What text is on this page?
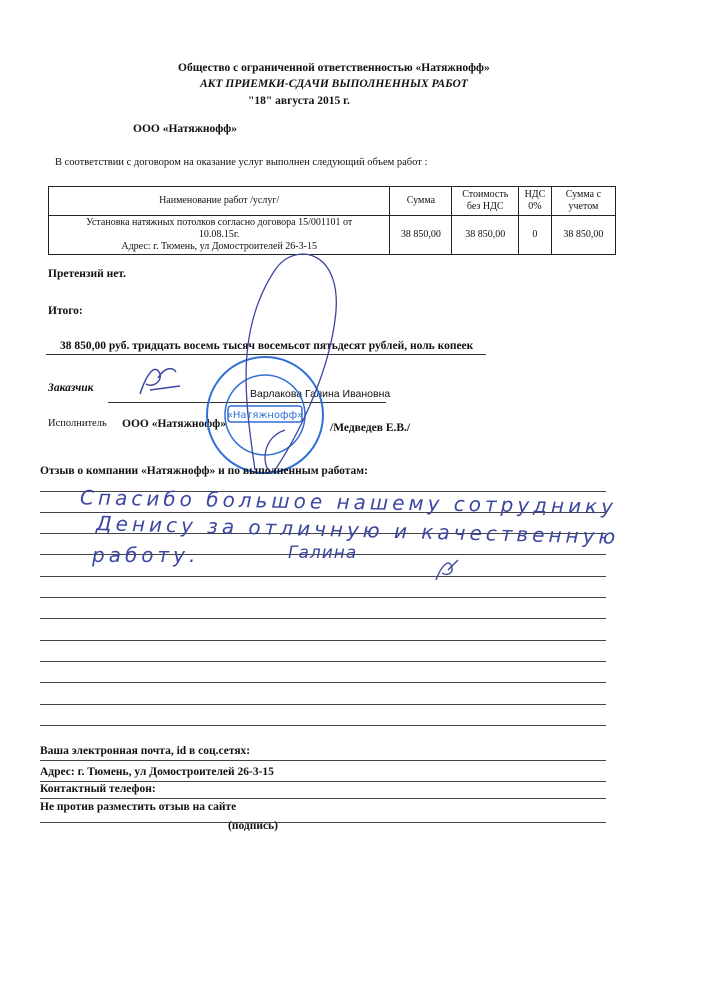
Общество с ограниченной ответственностью «Натяжнофф»
АКТ ПРИЕМКИ-СДАЧИ ВЫПОЛНЕННЫХ РАБОТ
"18" августа 2015 г.
ООО «Натяжнофф»
В соответствии с договором на оказание услуг выполнен следующий объем работ :
Наименование работ /услуг/	Сумма	Стоимость без НДС	НДС 0%	Сумма с учетом

Установка натяжных потолков согласно договора 15/001101 от
10.08.15г.
Адрес: г. Тюмень, ул Домостроителей 26-3-15	38 850,00	38 850,00	0	38 850,00
Претензий нет.
Итого:
38 850,00 руб. тридцать восемь тысяч восемьсот пятьдесят рублей, ноль копеек
Заказчик	Варлакова Галина Ивановна
Исполнитель ООО «Натяжнофф»	/Медведев Е.В./
«Натяжнофф»
Отзыв о компании «Натяжнофф» и по выполненным работам:
Спасибо большое нашему сотруднику
Денису за отличную и качественную
работу.	Галина
Ваша электронная почта, id в соц.сетях:
Адрес: г. Тюмень, ул Домостроителей 26-3-15
Контактный телефон:
Не против разместить отзыв на сайте
(подпись)
